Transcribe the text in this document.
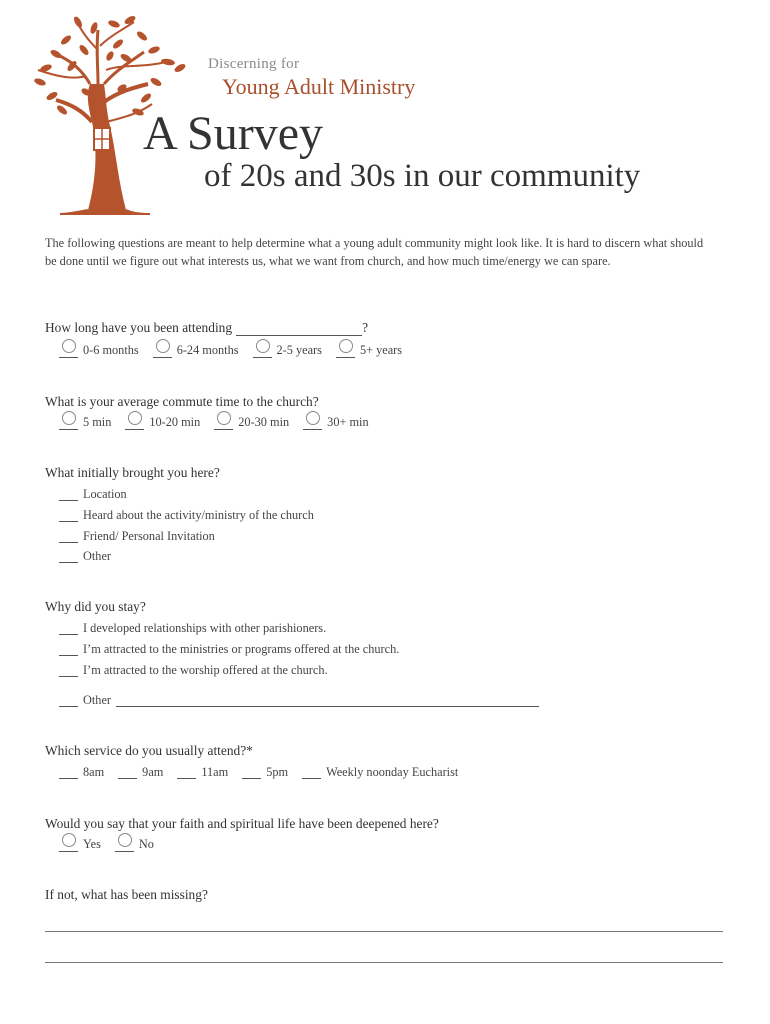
Discerning for
Young Adult Ministry
A Survey
of 20s and 30s in our community
The following questions are meant to help determine what a young adult community might look like. It is hard to discern what should be done until we figure out what interests us, what we want from church, and how much time/energy we can spare.
How long have you been attending	?
0-6 months	6-24 months	2-5 years	5+ years
What is your average commute time to the church?
5 min	10-20 min	20-30 min	30+ min
What initially brought you here?
Location
Heard about the activity/ministry of the church
Friend/ Personal Invitation
Other
Why did you stay?
I developed relationships with other parishioners.
I’m attracted to the ministries or programs offered at the church.
I’m attracted to the worship offered at the church.
Other
Which service do you usually attend?*
8am	9am	11am	5pm	Weekly noonday Eucharist
Would you say that your faith and spiritual life have been deepened here?
Yes	No
If not, what has been missing?
